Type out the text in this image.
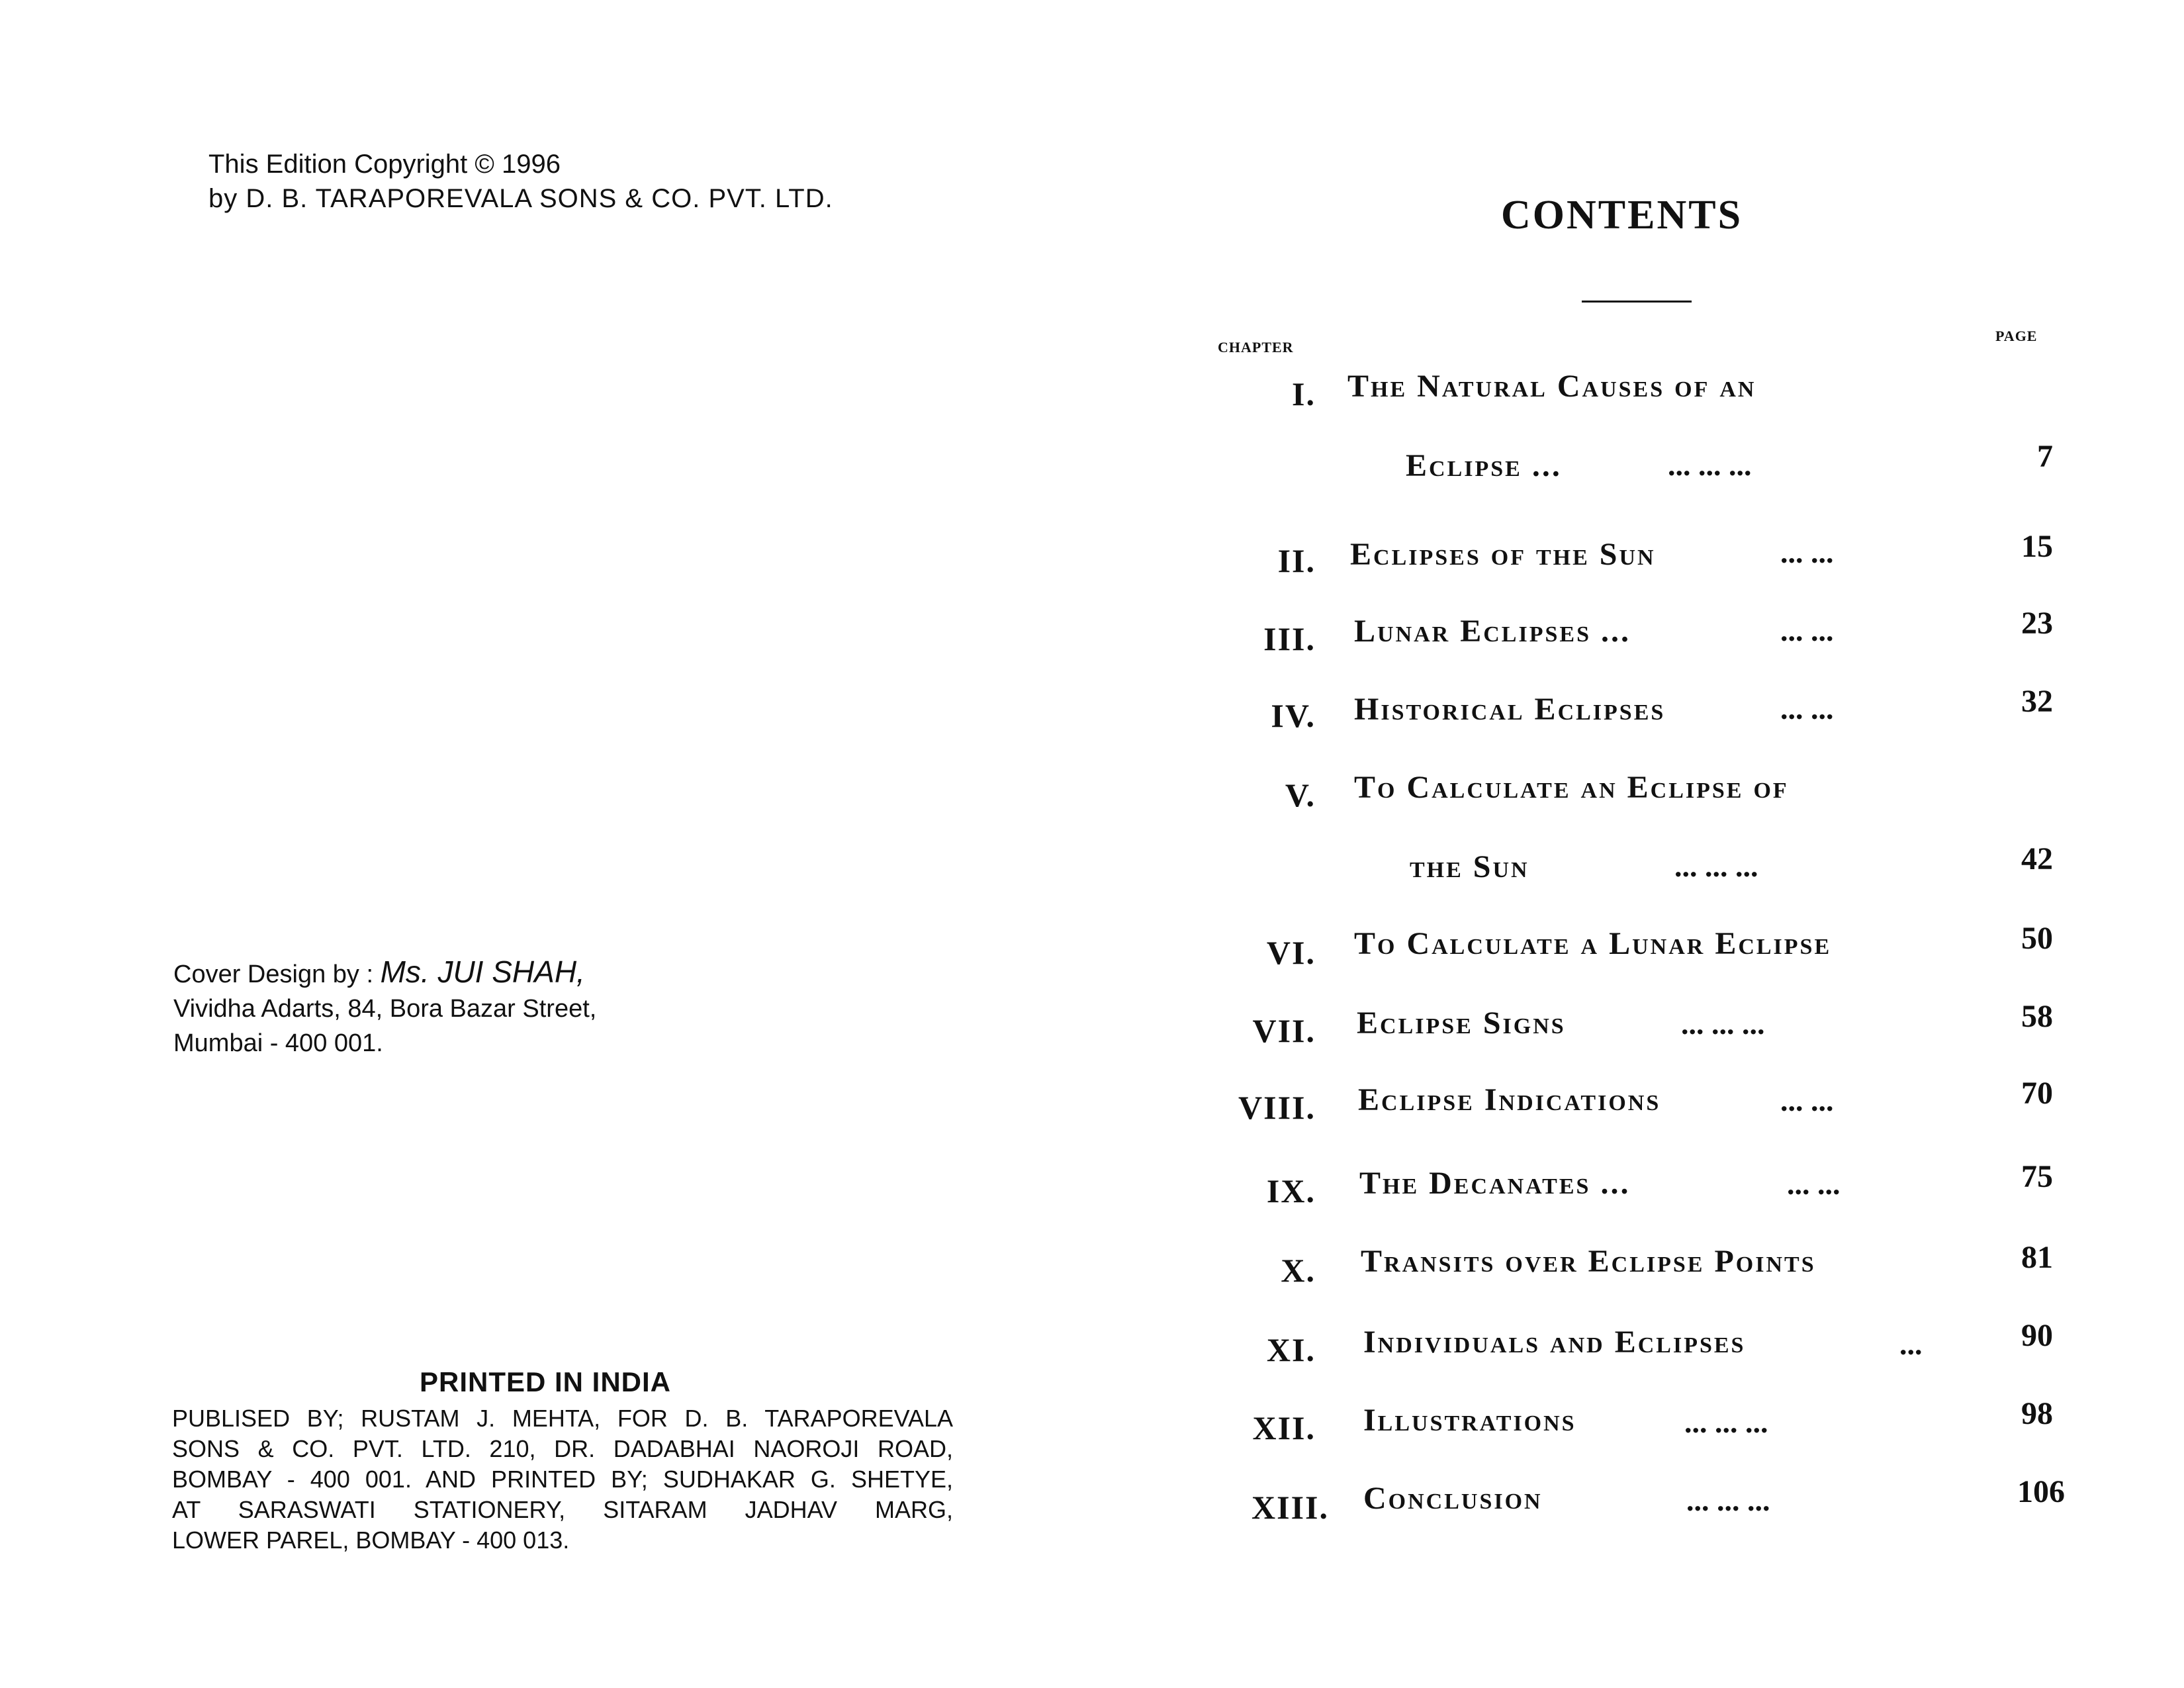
This Edition Copyright © 1996
by D. B. TARAPOREVALA SONS & CO. PVT. LTD.
Cover Design by : Ms. JUI SHAH,
Vividha Adarts, 84, Bora Bazar Street,
Mumbai - 400 001.
PRINTED IN INDIA
PUBLISED BY; RUSTAM J. MEHTA, FOR D. B. TARAPOREVALA
SONS & CO. PVT. LTD. 210, DR. DADABHAI NAOROJI ROAD,
BOMBAY - 400 001. AND PRINTED BY; SUDHAKAR G. SHETYE,
AT SARASWATI STATIONERY, SITARAM JADHAV MARG,
LOWER PAREL, BOMBAY - 400 013.
CONTENTS
CHAPTER
PAGE
I. The Natural Causes of an
Eclipse ...	... ... ...	7
II. Eclipses of the Sun	... ...	15
III. Lunar Eclipses ...	... ...	23
IV. Historical Eclipses	... ...	32
V. To Calculate an Eclipse of
the Sun	... ... ...	42
VI. To Calculate a Lunar Eclipse	50
VII. Eclipse Signs	... ... ...	58
VIII. Eclipse Indications	... ...	70
IX. The Decanates ...	... ...	75
X. Transits over Eclipse Points	81
XI. Individuals and Eclipses	...	90
XII. Illustrations	... ... ...	98
XIII. Conclusion	... ... ...	106
